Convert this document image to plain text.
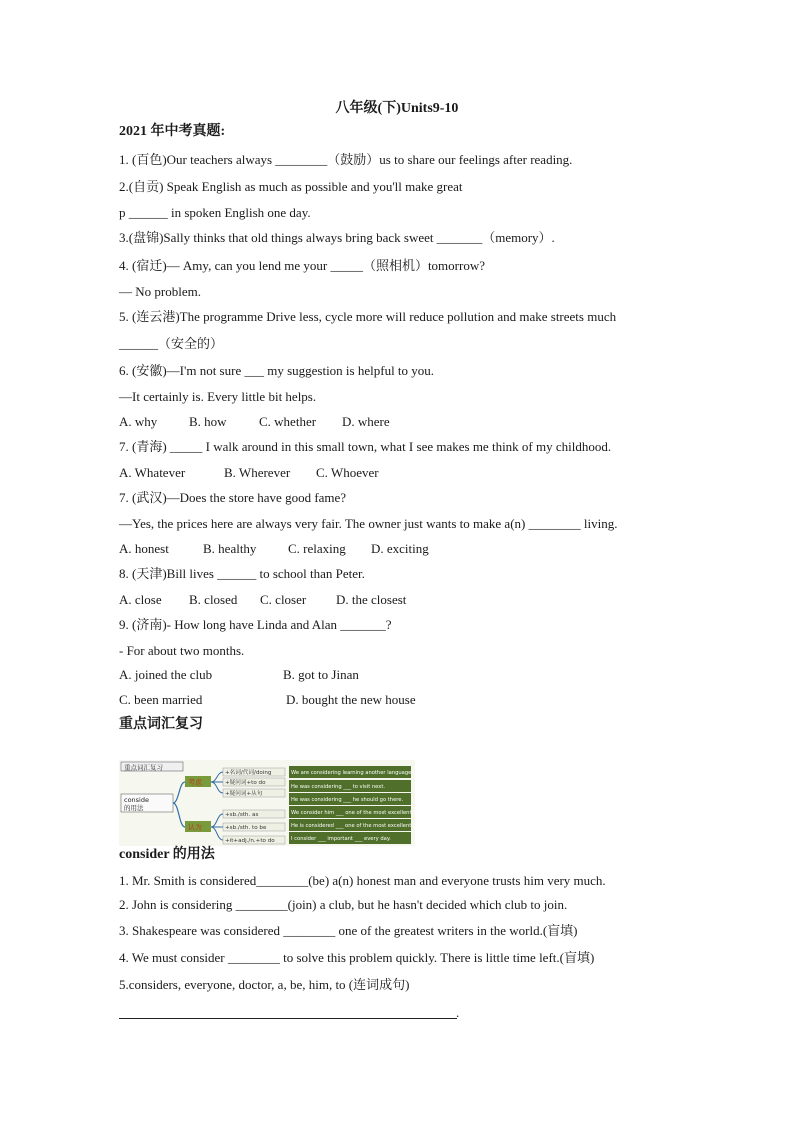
八年级(下)Units9-10
2021 年中考真题:
1. (百色)Our teachers always ________（鼓励）us to share our feelings after reading.
2.(自贡) Speak English as much as possible and you'll make great
p ______ in spoken English one day.
3.(盘锦)Sally thinks that old things always bring back sweet _______（memory）.
4. (宿迁)— Amy, can you lend me your _____（照相机）tomorrow?
— No problem.
5. (连云港)The programme Drive less, cycle more will reduce pollution and make streets much
______（安全的）
6. (安徽)—I'm not sure ___ my suggestion is helpful to you.
—It certainly is. Every little bit helps.
A. why B. how C. whether D. where
7. (青海) _____ I walk around in this small town, what I see makes me think of my childhood.
A. Whatever	B. Wherever C. Whoever
7. (武汉)—Does the store have good fame?
—Yes, the prices here are always very fair. The owner just wants to make a(n) ________ living.
A. honest	B. healthy C. relaxing D. exciting
8. (天津)Bill lives ______ to school than Peter.
A. close B. closed C. closer D. the closest
9. (济南)- How long have Linda and Alan _______?
- For about two months.
A. joined the club	B. got to Jinan
C. been married	D. bought the new house
重点词汇复习
重点词汇复习
conside
的用法
考虑
认为
+名词/代词/doing
+疑问词+to do
+疑问词+从句
+sb./sth. as
+sb./sth. to be
+it+adj./n.+to do
We are considering learning another language?
He was considering ___ to visit next.
He was considering ___ he should go there.
We consider him ___ one of the most excellent players.
He is considered ___ one of the most excellent players.
I consider ___ important ___ every day.
consider 的用法
1. Mr. Smith is considered________(be) a(n) honest man and everyone trusts him very much.
2. John is considering ________(join) a club, but he hasn't decided which club to join.
3. Shakespeare was considered ________ one of the greatest writers in the world.(盲填)
4. We must consider ________ to solve this problem quickly. There is little time left.(盲填)
5.considers, everyone, doctor, a, be, him, to (连词成句)
.
